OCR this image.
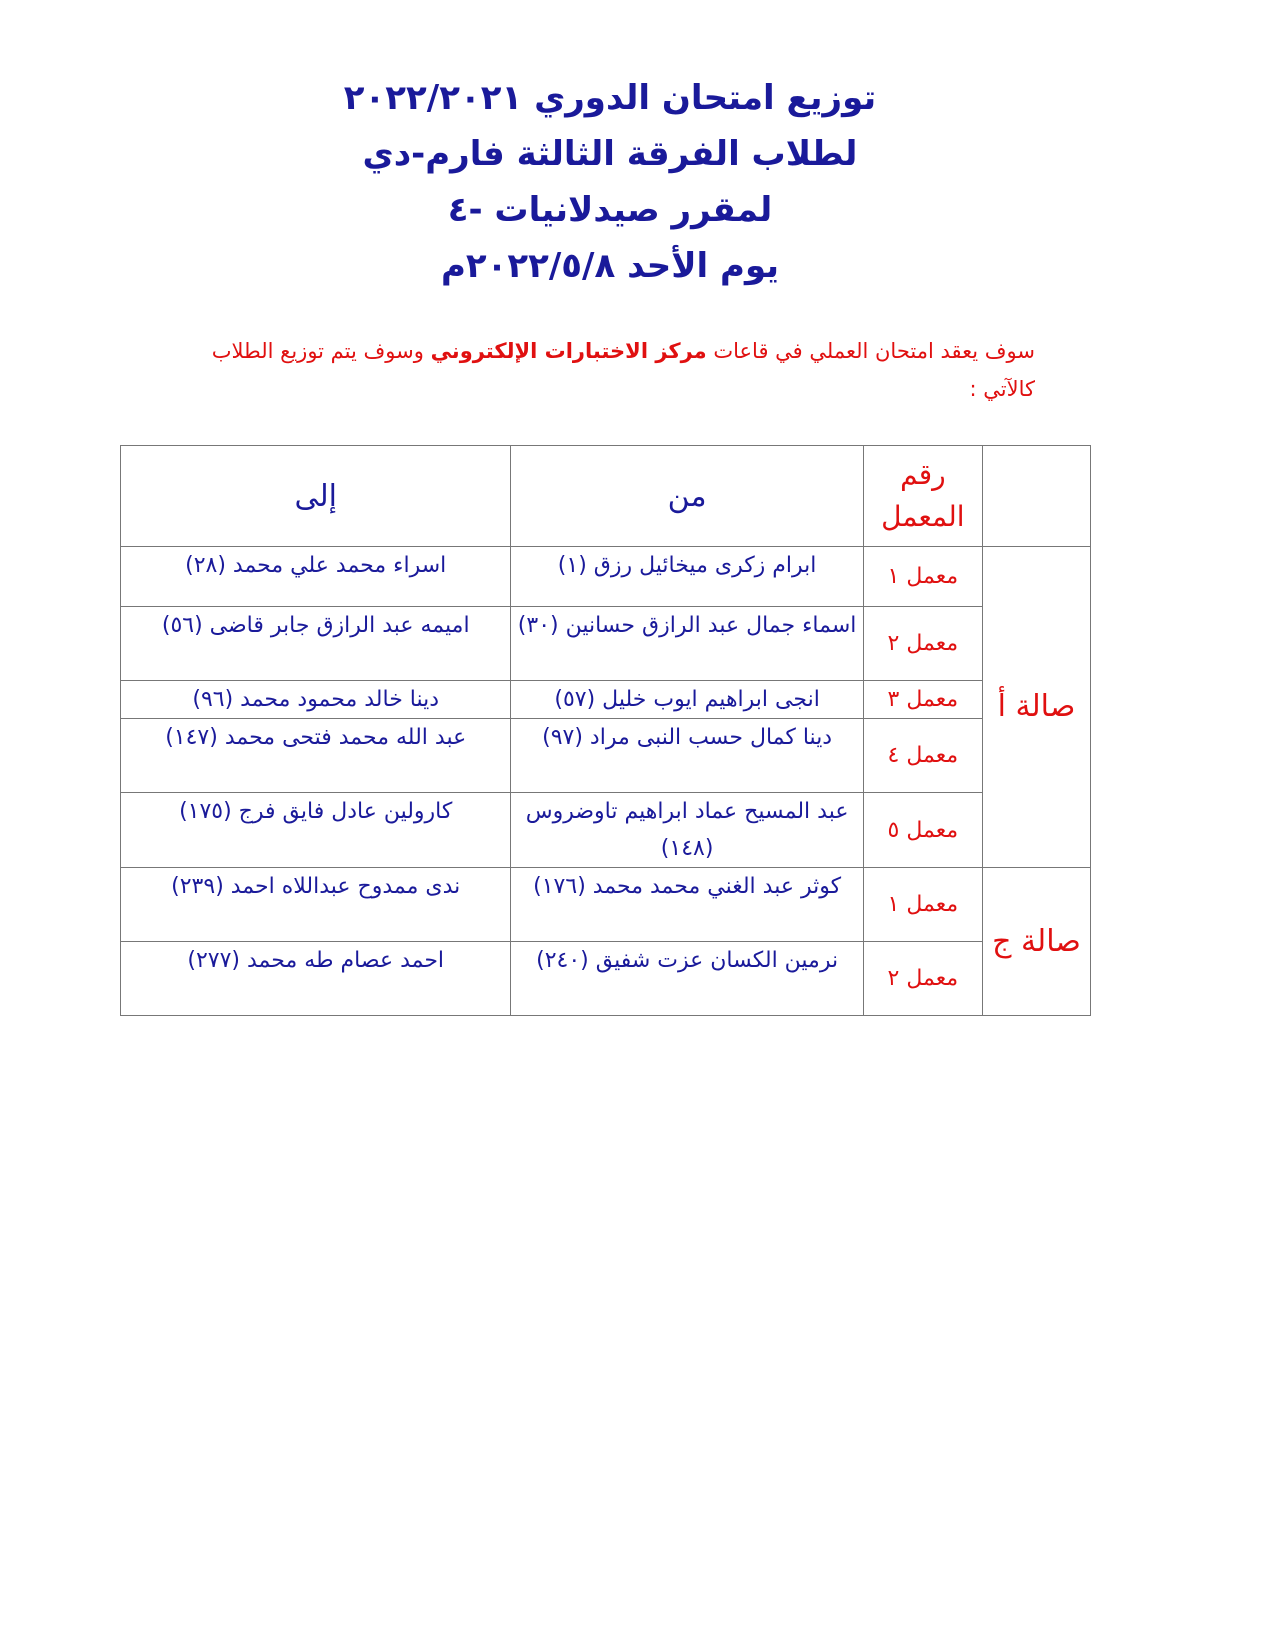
توزيع امتحان الدوري ٢٠٢٢/٢٠٢١
لطلاب الفرقة الثالثة فارم-دي
لمقرر صيدلانيات -٤
يوم الأحد ٢٠٢٢/٥/٨م
سوف يعقد امتحان العملي في قاعات مركز الاختبارات الإلكتروني وسوف يتم توزيع الطلاب كالآتي :
	رقم المعمل	من	إلى
صالة أ	معمل ١	ابرام زكرى ميخائيل رزق (١)	اسراء محمد علي محمد (٢٨)
	معمل ٢	اسماء جمال عبد الرازق حسانين (٣٠)	اميمه عبد الرازق جابر قاضى (٥٦)
	معمل ٣	انجى ابراهيم ايوب خليل (٥٧)	دينا خالد محمود محمد (٩٦)
	معمل ٤	دينا كمال حسب النبى مراد (٩٧)	عبد الله محمد فتحى محمد (١٤٧)
	معمل ٥	عبد المسيح عماد ابراهيم تاوضروس (١٤٨)	كارولين عادل فايق فرج (١٧٥)
صالة ج	معمل ١	كوثر عبد الغني محمد محمد (١٧٦)	ندى ممدوح عبداللاه احمد (٢٣٩)
	معمل ٢	نرمين الكسان عزت شفيق (٢٤٠)	احمد عصام طه محمد (٢٧٧)
